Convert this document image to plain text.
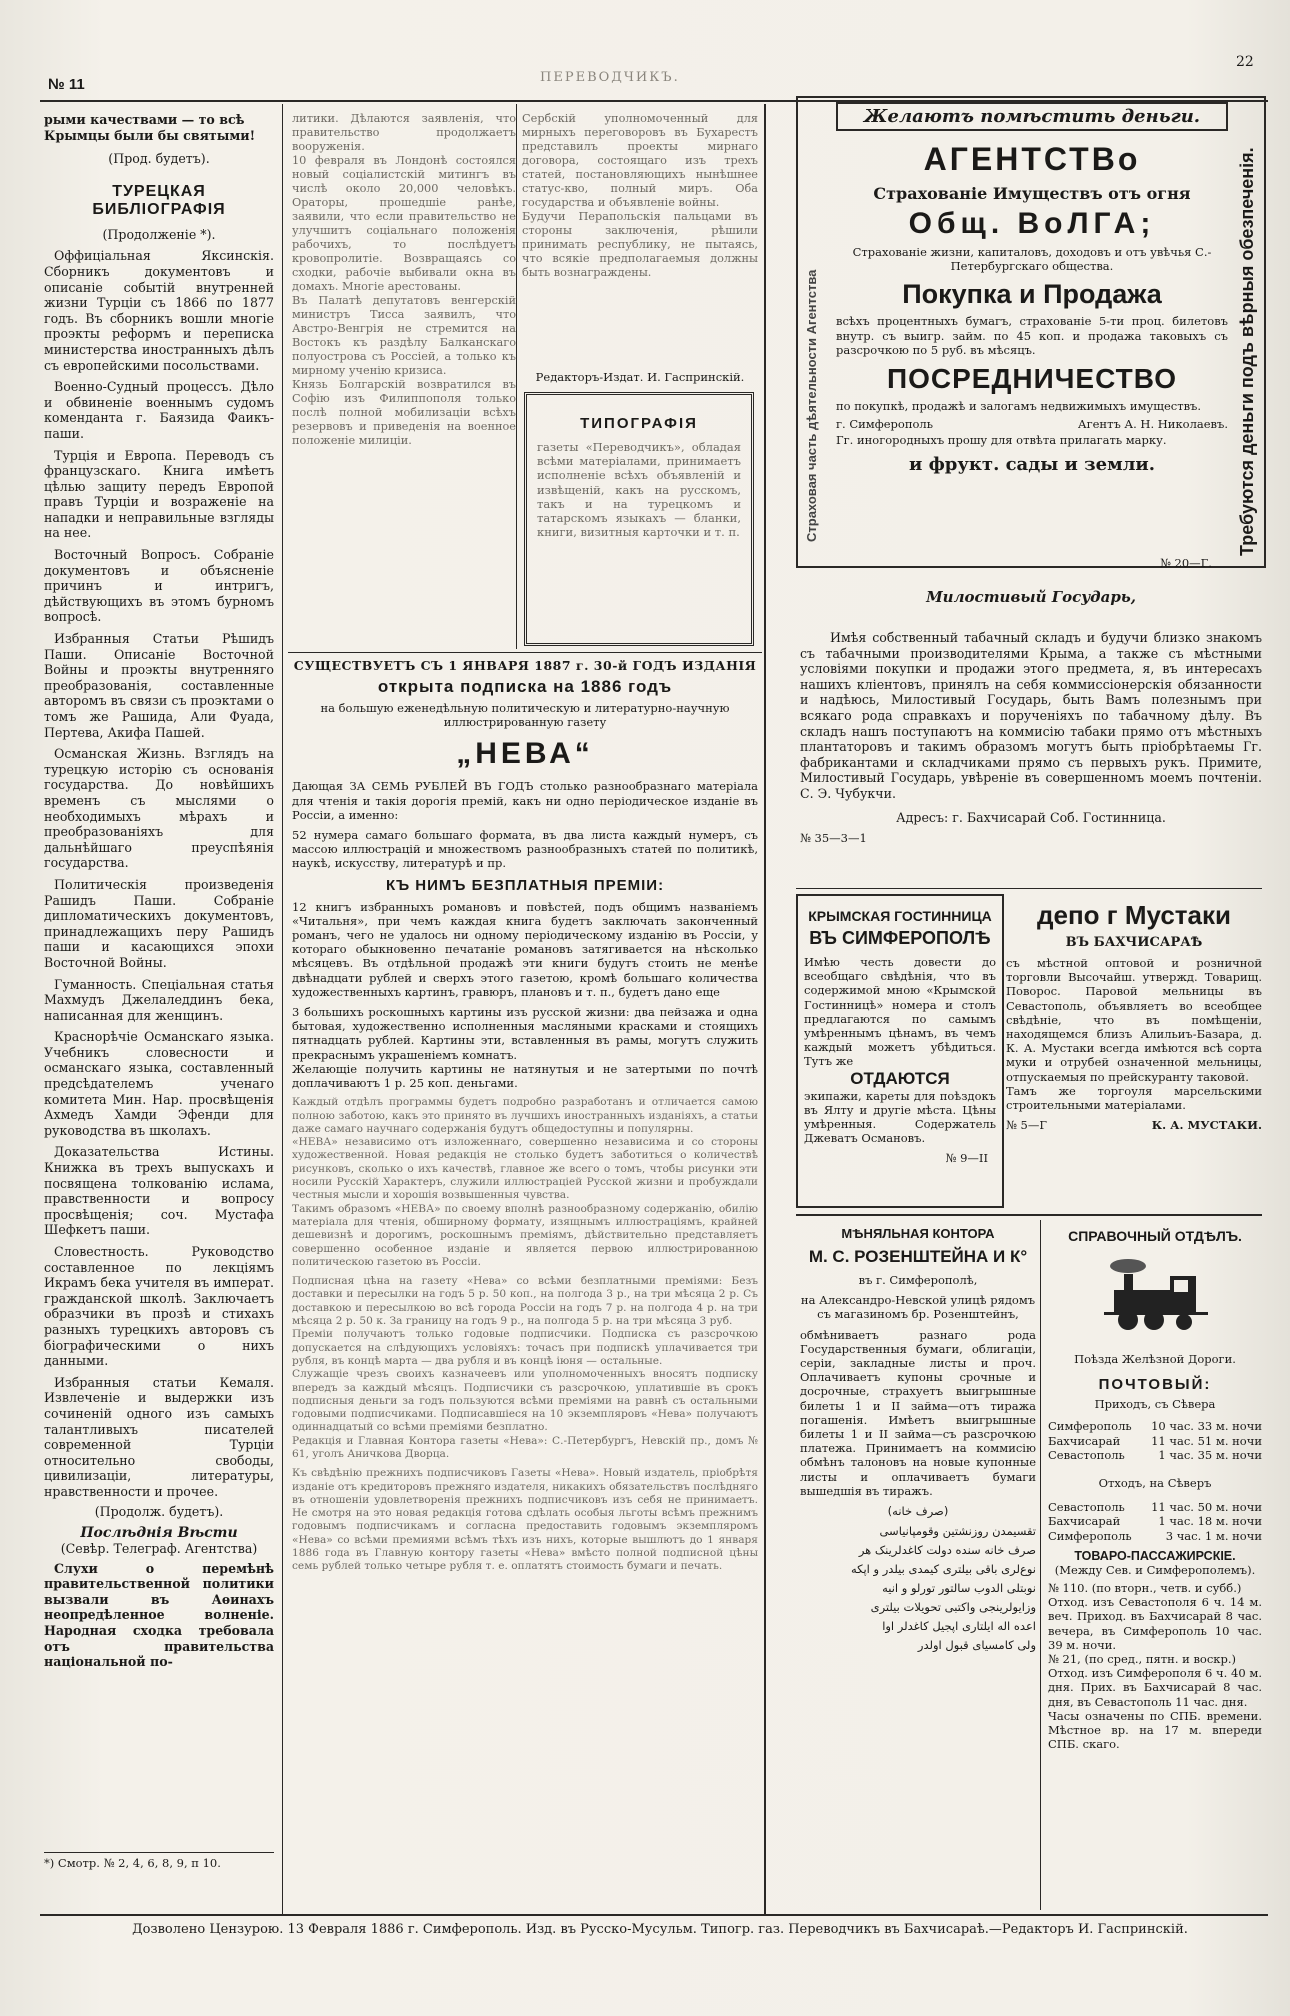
№ 11	ПЕРЕВОДЧИКЪ.
22

рыми качествами — то всѣ

Крымцы были бы святыми!

(Прод. будетъ).

ТУРЕЦКАЯ БИБЛІОГРАФІЯ

(Продолженіе *).

Оффиціальная Яксинскія. Сборникъ документовъ и описаніе событій внутренней жизни Турціи съ 1866 по 1877 годъ. Въ сборникъ вошли многіе проэкты реформъ и переписка министерства иностранныхъ дѣлъ съ европейскими посольствами.

Военно-Судный процессъ. Дѣло и обвиненіе военнымъ судомъ коменданта г. Баязида Фаикъ-паши.

Турція и Европа. Переводъ съ французскаго. Книга имѣетъ цѣлью защиту передъ Европой правъ Турціи и возраженіе на нападки и неправильные взгляды на нее.

Восточный Вопросъ. Собраніе документовъ и объясненіе причинъ и интригъ, дѣйствующихъ въ этомъ бурномъ вопросѣ.

Избранныя Статьи Рѣшидъ Паши. Описаніе Восточной Войны и проэкты внутренняго преобразованія, составленные авторомъ въ связи съ проэктами о томъ же Рашида, Али Фуада, Пертева, Акифа Пашей.

Османская Жизнь. Взглядъ на турецкую исторію съ основанія государства. До новѣйшихъ временъ съ мыслями о необходимыхъ мѣрахъ и преобразованіяхъ для дальнѣйшаго преуспѣянія государства.

Политическія произведенія Рашидъ Паши. Собраніе дипломатическихъ документовъ, принадлежащихъ перу Рашидъ паши и касающихся эпохи Восточной Войны.

Гуманность. Спеціальная статья Махмудъ Джелаледдинъ бека, написанная для женщинъ.

Краснорѣчіе Османскаго языка. Учебникъ словесности и османскаго языка, составленный предсѣдателемъ ученаго комитета Мин. Нар. просвѣщенія Ахмедъ Хамди Эфенди для руководства въ школахъ.

Доказательства Истины. Книжка въ трехъ выпускахъ и посвящена толкованію ислама, правственности и вопросу просвѣщенія; соч. Мустафа Шефкетъ паши.

Словестность. Руководство составленное по лекціямъ Икрамъ бека учителя въ императ. гражданской школѣ. Заключаетъ образчики въ прозѣ и стихахъ разныхъ турецкихъ авторовъ съ біографическими о нихъ данными.

Избранныя статьи Кемаля. Извлеченіе и выдержки изъ сочиненій одного изъ самыхъ талантливыхъ писателей современной Турціи относительно свободы, цивилизаціи, литературы, нравственности и прочее.

(Продолж. будетъ).

Послѣднія Вѣсти

(Севѣр. Телеграф. Агентства)

Слухи о перемѣнѣ правительственной политики вызвали въ Аѳинахъ неопредѣленное волненіе. Народная сходка требовала отъ правительства національной по-

*) Смотр. № 2, 4, 6, 8, 9, п 10.
литики. Дѣлаются заявленія, что правительство продолжаетъ вооруженія.
10 февраля въ Лондонѣ состоялся новый соціалистскій митингъ въ числѣ около 20,000 человѣкъ. Ораторы, прошедшіе ранѣе, заявили, что если правительство не улучшитъ соціальнаго положенія рабочихъ, то послѣдуетъ кровопролитіе. Возвращаясь со сходки, рабочіе выбивали окна въ домахъ. Многіе арестованы.
Въ Палатѣ депутатовъ венгерскій министръ Тисса заявилъ, что Австро-Венгрія не стремится на Востокъ къ раздѣлу Балканскаго полуострова съ Россіей, а только къ мирному ученію кризиса.
Князь Болгарскій возвратился въ Софію изъ Филиппополя только послѣ полной мобилизаціи всѣхъ резервовъ и приведенія на военное положеніе милиціи.
Сербскій уполномоченный для мирныхъ переговоровъ въ Бухарестъ представилъ проекты мирнаго договора, состоящаго изъ трехъ статей, постановляющихъ нынѣшнее статус-кво, полный миръ. Оба государства и объявленіе войны.
Будучи Перапольскія пальцами въ стороны заключенія, рѣшили принимать республику, не пытаясь, что всякіе предполагаемыя должны быть вознаграждены.
Редакторъ-Издат. И. Гаспринскій.

ТИПОГРАФІЯ

газеты «Переводчикъ», обладая всѣми матеріалами, принимаетъ исполненіе всѣхъ объявленій и извѣщеній, какъ на русскомъ, такъ и на турецкомъ и татарскомъ языкахъ — бланки, книги, визитныя карточки и т. п.

СУЩЕСТВУЕТЪ СЪ 1 ЯНВАРЯ 1887 г. 30-й ГОДЪ ИЗДАНІЯ

открыта подписка на 1886 годъ

на большую еженедѣльную политическую и литературно-научную иллюстрированную газету

„НЕВА“

Дающая ЗА СЕМЬ РУБЛЕЙ ВЪ ГОДЪ столько разнообразнаго матеріала для чтенія и такія дорогія премій, какъ ни одно періодическое изданіе въ Россіи, а именно:

52 нумера самаго большаго формата, въ два листа каждый нумеръ, съ массою иллюстрацій и множествомъ разнообразныхъ статей по политикѣ, наукѣ, искусству, литературѣ и пр.

КЪ НИМЪ БЕЗПЛАТНЫЯ ПРЕМІИ:

12 книгъ избранныхъ романовъ и повѣстей, подъ общимъ названіемъ «Читальня», при чемъ каждая книга будетъ заключать законченный романъ, чего не удалось ни одному періодическому изданію въ Россіи, у котораго обыкновенно печатаніе романовъ затягивается на нѣсколько мѣсяцевъ. Въ отдѣльной продажѣ эти книги будутъ стоить не менѣе двѣнадцати рублей и сверхъ этого газетою, кромѣ большаго количества художественныхъ картинъ, гравюръ, плановъ и т. п., будетъ дано еще

3 большихъ роскошныхъ картины изъ русской жизни: два пейзажа и одна бытовая, художественно исполненныя масляными красками и стоящихъ пятнадцать рублей. Картины эти, вставленныя въ рамы, могутъ служить прекраснымъ украшеніемъ комнатъ.
Желающіе получить картины не натянутыя и не затертыми по почтѣ доплачиваютъ 1 р. 25 коп. деньгами.

Каждый отдѣлъ программы будетъ подробно разработанъ и отличается самою полною заботою, какъ это принято въ лучшихъ иностранныхъ изданіяхъ, а статьи даже самаго научнаго содержанія будутъ общедоступны и популярны.
«НЕВА» независимо отъ изложеннаго, совершенно независима и со стороны художественной. Новая редакція не столько будетъ заботиться о количествѣ рисунковъ, сколько о ихъ качествѣ, главное же всего о томъ, чтобы рисунки эти носили Русскій Характеръ, служили иллюстраціей Русской жизни и пробуждали честныя мысли и хорошія возвышенныя чувства.
Такимъ образомъ «НЕВА» по своему вполнѣ разнообразному содержанію, обилію матеріала для чтенія, обширному формату, изящнымъ иллюстраціямъ, крайней дешевизнѣ и дорогимъ, роскошнымъ преміямъ, дѣйствительно представляетъ совершенно особенное изданіе и является первою иллюстрированною политическою газетою въ Россіи.

Подписная цѣна на газету «Нева» со всѣми безплатными преміями: Безъ доставки и пересылки на годъ 5 р. 50 коп., на полгода 3 р., на три мѣсяца 2 р. Съ доставкою и пересылкою во всѣ города Россіи на годъ 7 р. на полгода 4 р. на три мѣсяца 2 р. 50 к. За границу на годъ 9 р., на полгода 5 р. на три мѣсяца 3 руб.
Преміи получаютъ только годовые подписчики. Подписка съ разсрочкою допускается на слѣдующихъ условіяхъ: точасъ при подпискѣ уплачивается три рубля, въ концѣ марта — два рубля и въ концѣ іюня — остальные.
Служащіе чрезъ своихъ казначеевъ или уполномоченныхъ вносятъ подписку впередъ за каждый мѣсяцъ. Подписчики съ разсрочкою, уплатившіе въ срокъ подписныя деньги за годъ пользуются всѣми преміями на равнѣ съ остальными годовыми подписчиками. Подписавшіеся на 10 экземпляровъ «Нева» получаютъ одиннадцатый со всѣми преміями безплатно.
Редакція и Главная Контора газеты «Нева»: С.-Петербургъ, Невскій пр., домъ № 61, уголъ Аничкова Дворца.

Къ свѣдѣнію прежнихъ подписчиковъ Газеты «Нева». Новый издатель, пріобрѣтя изданіе отъ кредиторовъ прежняго издателя, никакихъ обязательствъ послѣдняго въ отношеніи удовлетворенія прежнихъ подписчиковъ изъ себя не принимаетъ. Не смотря на это новая редакція готова сдѣлать особыя льготы всѣмъ прежнимъ годовымъ подписчикамъ и согласна предоставить годовымъ экземпляромъ «Нева» со всѣми премиями всѣмъ тѣхъ изъ нихъ, которые вышлютъ до 1 января 1886 года въ Главную контору газеты «Нева» вмѣсто полной подписной цѣны семь рублей только четыре рубля т. е. оплатятъ стоимость бумаги и печать.

Страховая часть дѣятельности Агентства	Требуются деньги подъ вѣрныя обезпеченія.

Желаютъ помѣстить деньги.

АГЕНТСТВо

Страхованіе Имуществъ отъ огня

Общ. ВоЛГА;

Страхованіе жизни, капиталовъ, доходовъ и отъ увѣчья С.-Петербургскаго общества.

Покупка и Продажа

всѣхъ процентныхъ бумагъ, страхованіе 5-ти проц. билетовъ внутр. съ выигр. займ. по 45 коп. и продажа таковыхъ съ разсрочкою по 5 руб. въ мѣсяцъ.

ПОСРЕДНИЧЕСТВО

по покупкѣ, продажѣ и залогамъ недвижимыхъ имуществъ.

г. Симферополь	Агентъ А. Н. Николаевъ.

Гг. иногородныхъ прошу для отвѣта прилагать марку.

и фрукт. сады и земли.

№ 20—Г.

Милостивый Государь,

Имѣя собственный табачный складъ и будучи близко знакомъ съ табачными производителями Крыма, а также съ мѣстными условіями покупки и продажи этого предмета, я, въ интересахъ нашихъ кліентовъ, принялъ на себя коммиссіонерскія обязанности и надѣюсь, Милостивый Государь, быть Вамъ полезнымъ при всякаго рода справкахъ и порученіяхъ по табачному дѣлу. Въ складъ нашъ поступаютъ на коммисію табаки прямо отъ мѣстныхъ плантаторовъ и такимъ образомъ могутъ быть пріобрѣтаемы Гг. фабрикантами и складчиками прямо съ первыхъ рукъ. Примите, Милостивый Государь, увѣреніе въ совершенномъ моемъ почтеніи. С. Э. Чубукчи.

Адресъ: г. Бахчисарай Соб. Гостинница.

№ 35—3—1

КРЫМСКАЯ ГОСТИННИЦА

ВЪ СИМФЕРОПОЛѢ

Имѣю честь довести до всеобщаго свѣдѣнія, что въ содержимой мною «Крымской Гостинницѣ» номера и столъ предлагаются по самымъ умѣреннымъ цѣнамъ, въ чемъ каждый можетъ убѣдиться. Тутъ же

ОТДАЮТСЯ

экипажи, кареты для поѣздокъ въ Ялту и другіе мѣста. Цѣны умѣренныя. Содержатель Джеватъ Османовъ.

№ 9—II

депо г Мустаки

ВЪ БАХЧИСАРАѢ

съ мѣстной оптовой и розничной торговли Высочайш. утвержд. Товарищ. Поворос. Паровой мельницы въ Севастополь, объявляетъ во всеобщее свѣдѣніе, что въ помѣщеніи, находящемся близъ Алильиъ-Базара, д. К. А. Мустаки всегда имѣются всѣ сорта муки и отрубей означенной мельницы, отпускаемыя по прейскуранту таковой.
Тамъ же торгоуля марсельскими строительными матеріалами.

№ 5—Г	К. А. МУСТАКИ.

МѢНЯЛЬНАЯ КОНТОРА

М. С. РОЗЕНШТЕЙНА И К°

въ г. Симферополѣ,

на Александро-Невской улицѣ рядомъ съ магазиномъ бр. Розенштейнъ,

обмѣниваетъ разнаго рода Государственныя бумаги, облигаціи, серіи, закладные листы и проч. Оплачиваетъ купоны срочные и досрочные, страхуетъ выигрышные билеты 1 и II займа—отъ тиража погашенія. Имѣетъ выигрышные билеты 1 и II займа—съ разсрочкою платежа. Принимаетъ на коммисію обмѣнъ талоновъ на новые купонные листы и оплачиваетъ бумаги вышедшія въ тиражъ.

(صرف خانه)

تقسیمدن روزنشتین وقومپانیاسی

صرف خانه سنده دولت کاغدلرینک هر

نوع‌لری باقی بیلتری کیمدی بیلدر و اپکه

نوبتلی الدوب سالتور تورلو و انیه

وزایولرینجی واکتبی تحویلات بیلتری

اعده اله ایلتاری اپجیل کاغدلر اوا

ولی کامسیای قبول اولدر

СПРАВОЧНЫЙ ОТДѢЛЪ.

Поѣзда Желѣзной Дороги.

ПОЧТОВЫЙ:

Приходъ, съ Сѣвера

Симферополь 10 час. 33 м. ночи
Бахчисарай	11 час. 51 м. ночи
Севастополь	1 час. 35 м. ночи

Отходъ, на Сѣверъ

Севастополь 11 час. 50 м. ночи
Бахчисарай	1 час. 18 м. ночи
Симферополь	3 час. 1 м. ночи

ТОВАРО-ПАССАЖИРСКІЕ.

(Между Сев. и Симферополемъ).

№ 110. (по вторн., четв. и субб.)
Отход. изъ Севастополя 6 ч. 14 м. веч. Приход. въ Бахчисарай 8 час. вечера, въ Симферополь 10 час. 39 м. ночи.
№ 21, (по сред., пятн. и воскр.)
Отход. изъ Симферополя 6 ч. 40 м. дня. Прих. въ Бахчисарай 8 час. дня, въ Севастополь 11 час. дня.
Часы означены по СПБ. времени. Мѣстное вр. на 17 м. впереди СПБ. скаго.

Дозволено Цензурою. 13 Февраля 1886 г. Симферополь. Изд. въ Русско-Мусульм. Типогр. газ. Переводчикъ въ Бахчисараѣ.—Редакторъ И. Гаспринскій.
